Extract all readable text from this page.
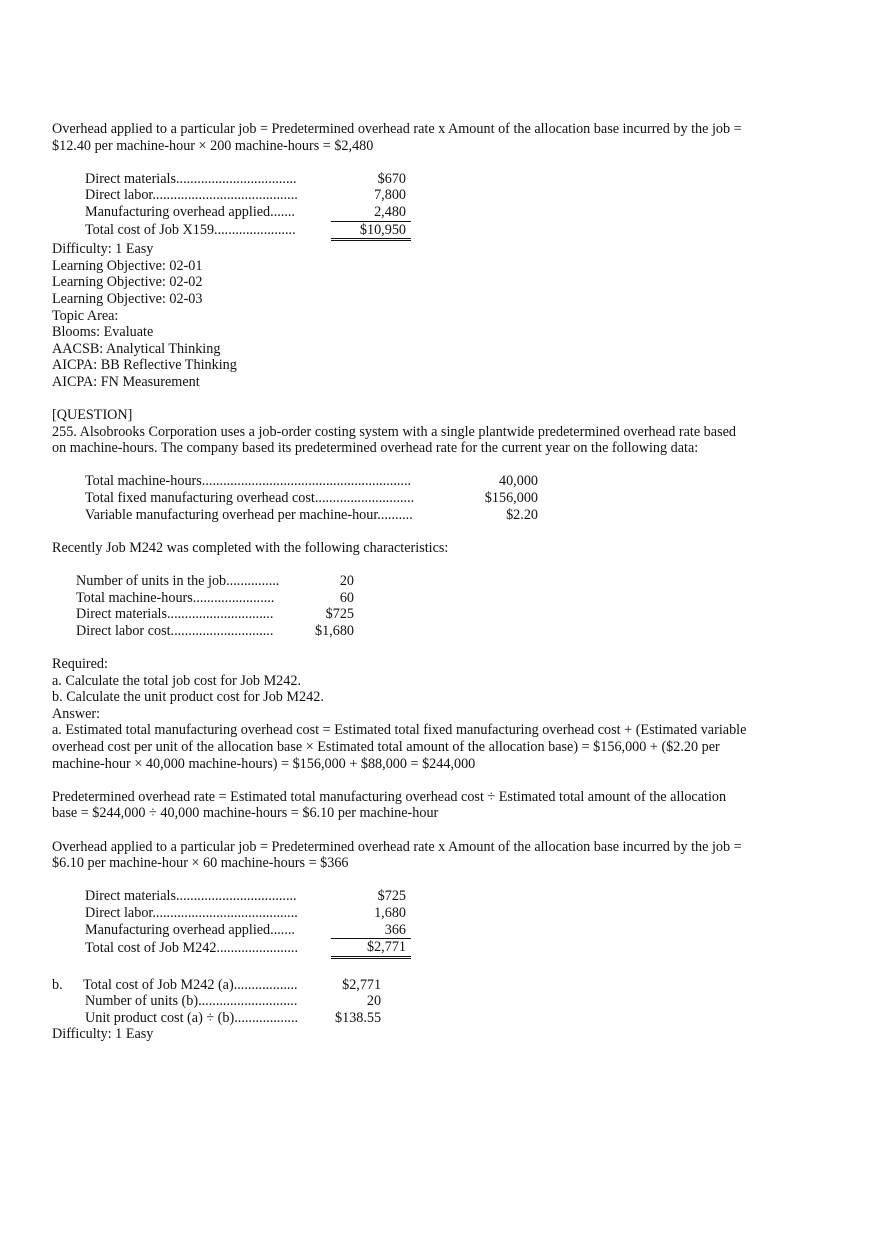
Overhead applied to a particular job = Predetermined overhead rate x Amount of the allocation base incurred by the job =
$12.40 per machine-hour × 200 machine-hours = $2,480
Direct materials..................................	$670

Direct labor.........................................	7,800

Manufacturing overhead applied.......	2,480

Total cost of Job X159.......................	$10,950
Difficulty: 1 Easy
Learning Objective: 02-01
Learning Objective: 02-02
Learning Objective: 02-03
Topic Area:
Blooms: Evaluate
AACSB: Analytical Thinking
AICPA: BB Reflective Thinking
AICPA: FN Measurement
[QUESTION]
255. Alsobrooks Corporation uses a job-order costing system with a single plantwide predetermined overhead rate based
on machine-hours. The company based its predetermined overhead rate for the current year on the following data:
Total machine-hours...........................................................	40,000
Total fixed manufacturing overhead cost............................	$156,000
Variable manufacturing overhead per machine-hour..........	$2.20
Recently Job M242 was completed with the following characteristics:
Number of units in the job...............	20
Total machine-hours.......................	60
Direct materials..............................	$725
Direct labor cost.............................	$1,680
Required:
a. Calculate the total job cost for Job M242.
b. Calculate the unit product cost for Job M242.
Answer:
a. Estimated total manufacturing overhead cost = Estimated total fixed manufacturing overhead cost + (Estimated variable
overhead cost per unit of the allocation base × Estimated total amount of the allocation base) = $156,000 + ($2.20 per
machine-hour × 40,000 machine-hours) = $156,000 + $88,000 = $244,000
Predetermined overhead rate = Estimated total manufacturing overhead cost ÷ Estimated total amount of the allocation
base = $244,000 ÷ 40,000 machine-hours = $6.10 per machine-hour
Overhead applied to a particular job = Predetermined overhead rate x Amount of the allocation base incurred by the job =
$6.10 per machine-hour × 60 machine-hours = $366
Direct materials..................................	$725

Direct labor.........................................	1,680

Manufacturing overhead applied.......	366

Total cost of Job M242.......................	$2,771
b.	Total cost of Job M242 (a)..................	$2,771
	Number of units (b)............................	20
	Unit product cost (a) ÷ (b)..................	$138.55
Difficulty: 1 Easy
